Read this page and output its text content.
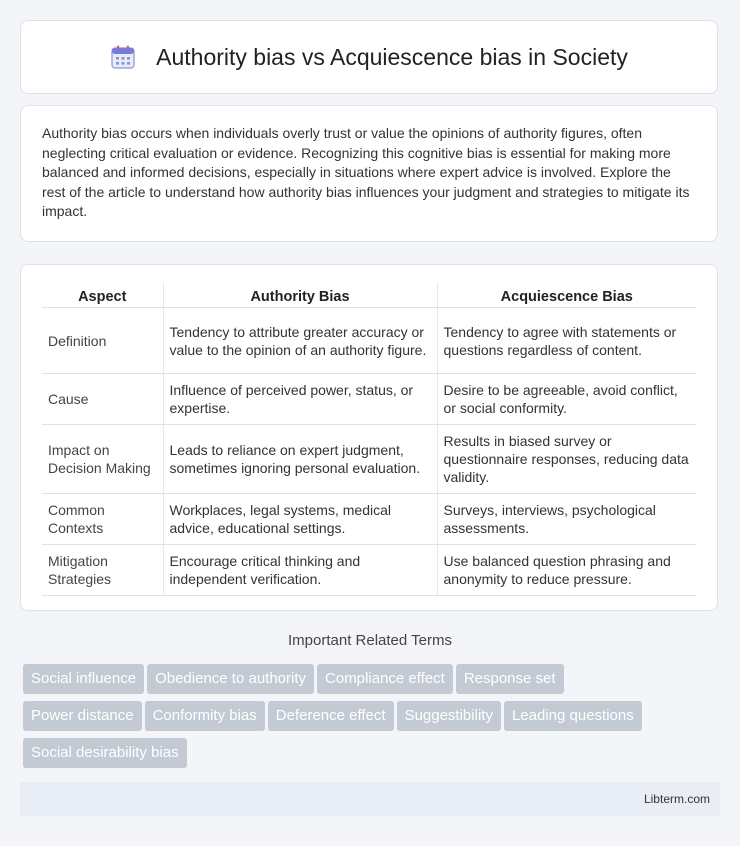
Authority bias vs Acquiescence bias in Society

Authority bias occurs when individuals overly trust or value the opinions of authority figures, often neglecting critical evaluation or evidence. Recognizing this cognitive bias is essential for making more balanced and informed decisions, especially in situations where expert advice is involved. Explore the rest of the article to understand how authority bias influences your judgment and strategies to mitigate its impact.

Aspect	Authority Bias	Acquiescence Bias
Definition	Tendency to attribute greater accuracy or value to the opinion of an authority figure.	Tendency to agree with statements or questions regardless of content.
Cause	Influence of perceived power, status, or expertise.	Desire to be agreeable, avoid conflict, or social conformity.
Impact on Decision Making	Leads to reliance on expert judgment, sometimes ignoring personal evaluation.	Results in biased survey or questionnaire responses, reducing data validity.
Common Contexts	Workplaces, legal systems, medical advice, educational settings.	Surveys, interviews, psychological assessments.
Mitigation Strategies	Encourage critical thinking and independent verification.	Use balanced question phrasing and anonymity to reduce pressure.
Important Related Terms
Social influence Obedience to authority Compliance effect Response set
Power distance Conformity bias Deference effect Suggestibility Leading questions
Social desirability bias
Libterm.com
